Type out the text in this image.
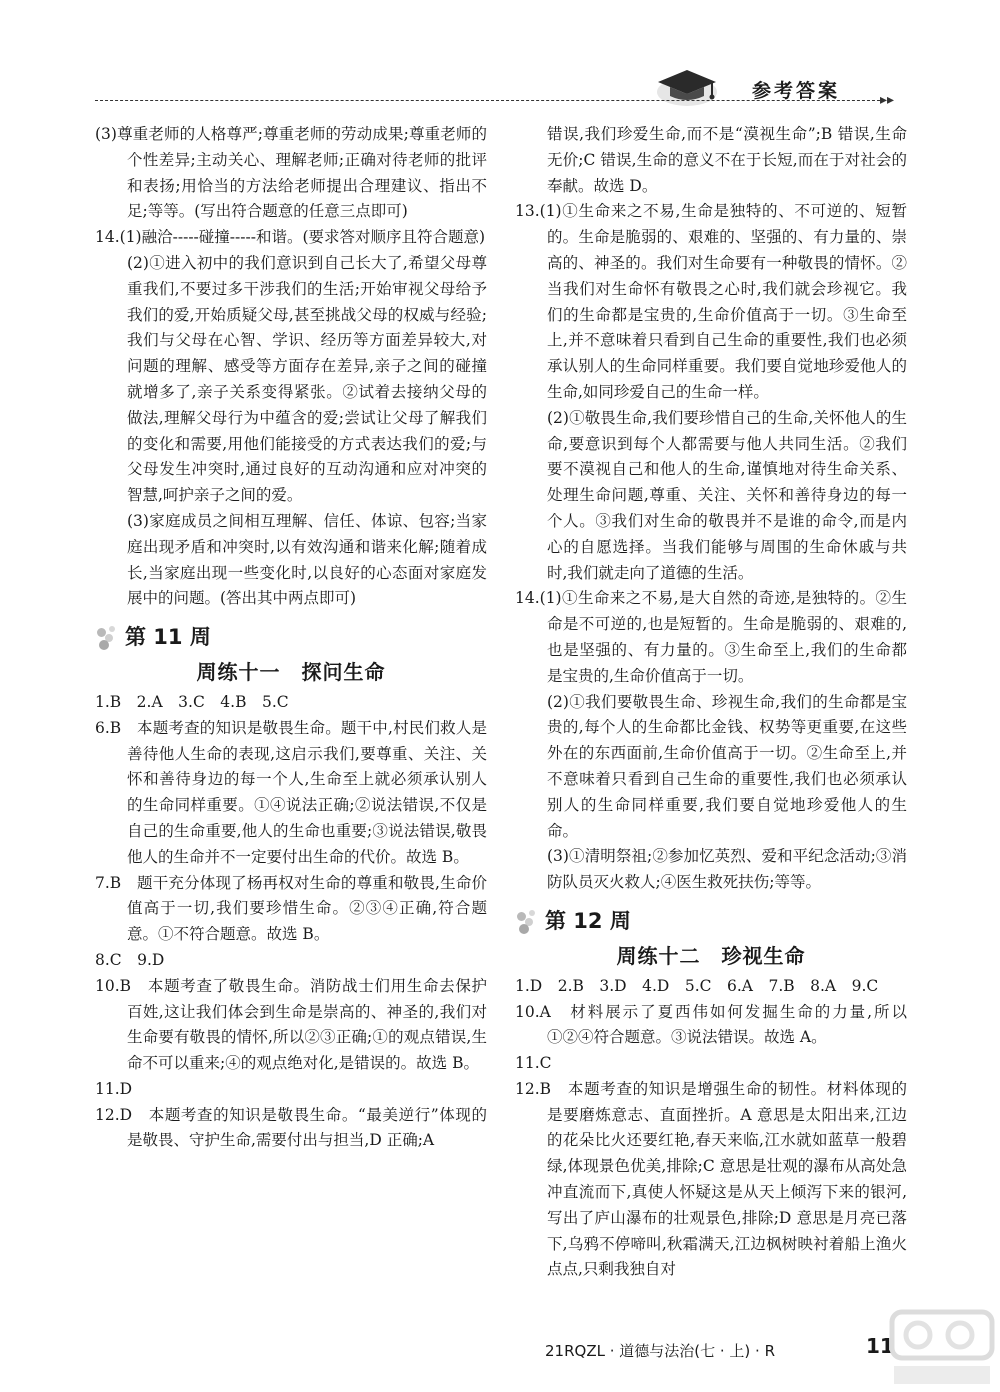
参考答案	▸▸

(3)尊重老师的人格尊严;尊重老师的劳动成果;尊重老师的个性差异;主动关心、理解老师;正确对待老师的批评和表扬;用恰当的方法给老师提出合理建议、指出不足;等等。(写出符合题意的任意三点即可)

14.(1)融洽-----碰撞-----和谐。(要求答对顺序且符合题意)

(2)①进入初中的我们意识到自己长大了,希望父母尊重我们,不要过多干涉我们的生活;开始审视父母给予我们的爱,开始质疑父母,甚至挑战父母的权威与经验;我们与父母在心智、学识、经历等方面差异较大,对问题的理解、感受等方面存在差异,亲子之间的碰撞就增多了,亲子关系变得紧张。②试着去接纳父母的做法,理解父母行为中蕴含的爱;尝试让父母了解我们的变化和需要,用他们能接受的方式表达我们的爱;与父母发生冲突时,通过良好的互动沟通和应对冲突的智慧,呵护亲子之间的爱。

(3)家庭成员之间相互理解、信任、体谅、包容;当家庭出现矛盾和冲突时,以有效沟通和谐来化解;随着成长,当家庭出现一些变化时,以良好的心态面对家庭发展中的问题。(答出其中两点即可)

第 11 周
周练十一　探问生命

1.B　2.A　3.C　4.B　5.C

6.B　本题考查的知识是敬畏生命。题干中,村民们救人是善待他人生命的表现,这启示我们,要尊重、关注、关怀和善待身边的每一个人,生命至上就必须承认别人的生命同样重要。①④说法正确;②说法错误,不仅是自己的生命重要,他人的生命也重要;③说法错误,敬畏他人的生命并不一定要付出生命的代价。故选 B。

7.B　题干充分体现了杨再权对生命的尊重和敬畏,生命价值高于一切,我们要珍惜生命。②③④正确,符合题意。①不符合题意。故选 B。

8.C　9.D

10.B　本题考查了敬畏生命。消防战士们用生命去保护百姓,这让我们体会到生命是崇高的、神圣的,我们对生命要有敬畏的情怀,所以②③正确;①的观点错误,生命不可以重来;④的观点绝对化,是错误的。故选 B。

11.D

12.D　本题考查的知识是敬畏生命。“最美逆行”体现的是敬畏、守护生命,需要付出与担当,D 正确;A

错误,我们珍爱生命,而不是“漠视生命”;B 错误,生命无价;C 错误,生命的意义不在于长短,而在于对社会的奉献。故选 D。

13.(1)①生命来之不易,生命是独特的、不可逆的、短暂的。生命是脆弱的、艰难的、坚强的、有力量的、崇高的、神圣的。我们对生命要有一种敬畏的情怀。②当我们对生命怀有敬畏之心时,我们就会珍视它。我们的生命都是宝贵的,生命价值高于一切。③生命至上,并不意味着只看到自己生命的重要性,我们也必须承认别人的生命同样重要。我们要自觉地珍爱他人的生命,如同珍爱自己的生命一样。

(2)①敬畏生命,我们要珍惜自己的生命,关怀他人的生命,要意识到每个人都需要与他人共同生活。②我们要不漠视自己和他人的生命,谨慎地对待生命关系、处理生命问题,尊重、关注、关怀和善待身边的每一个人。③我们对生命的敬畏并不是谁的命令,而是内心的自愿选择。当我们能够与周围的生命休戚与共时,我们就走向了道德的生活。

14.(1)①生命来之不易,是大自然的奇迹,是独特的。②生命是不可逆的,也是短暂的。生命是脆弱的、艰难的,也是坚强的、有力量的。③生命至上,我们的生命都是宝贵的,生命价值高于一切。

(2)①我们要敬畏生命、珍视生命,我们的生命都是宝贵的,每个人的生命都比金钱、权势等更重要,在这些外在的东西面前,生命价值高于一切。②生命至上,并不意味着只看到自己生命的重要性,我们也必须承认别人的生命同样重要,我们要自觉地珍爱他人的生命。

(3)①清明祭祖;②参加忆英烈、爱和平纪念活动;③消防队员灭火救人;④医生救死扶伤;等等。

第 12 周
周练十二　珍视生命

1.D　2.B　3.D　4.D　5.C　6.A　7.B　8.A　9.C

10.A　材料展示了夏西伟如何发掘生命的力量,所以①②④符合题意。③说法错误。故选 A。

11.C

12.B　本题考查的知识是增强生命的韧性。材料体现的是要磨炼意志、直面挫折。A 意思是太阳出来,江边的花朵比火还要红艳,春天来临,江水就如蓝草一般碧绿,体现景色优美,排除;C 意思是壮观的瀑布从高处急冲直流而下,真使人怀疑这是从天上倾泻下来的银河,写出了庐山瀑布的壮观景色,排除;D 意思是月亮已落下,乌鸦不停啼叫,秋霜满天,江边枫树映衬着船上渔火点点,只剩我独自对

21RQZL · 道德与法治(七 · 上) · R	11
